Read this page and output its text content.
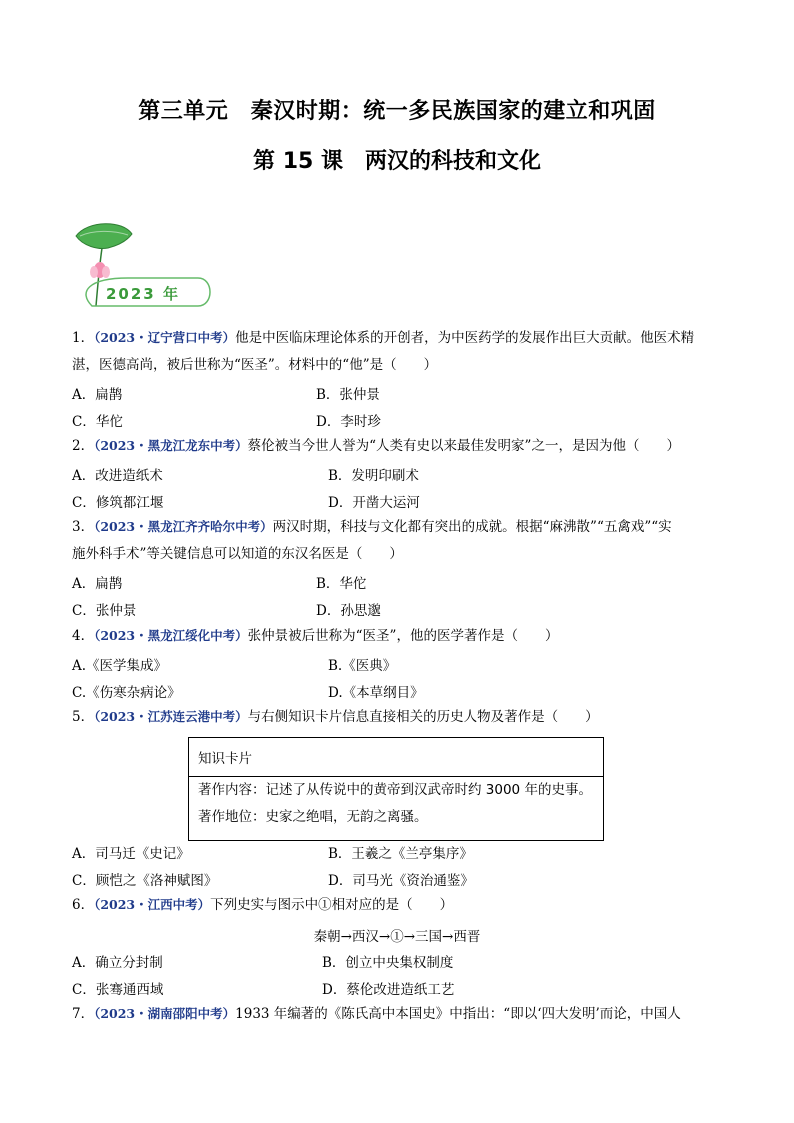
第三单元　秦汉时期：统一多民族国家的建立和巩固
第 15 课　两汉的科技和文化
2023 年
1．（2023・辽宁营口中考）他是中医临床理论体系的开创者，为中医药学的发展作出巨大贡献。他医术精
湛，医德高尚，被后世称为“医圣”。材料中的“他”是（　　）
A．扁鹊	B．张仲景
C．华佗	D．李时珍
2．（2023・黑龙江龙东中考）蔡伦被当今世人誉为“人类有史以来最佳发明家”之一，是因为他（　　）
A．改进造纸术	B．发明印刷术
C．修筑都江堰	D．开凿大运河
3．（2023・黑龙江齐齐哈尔中考）两汉时期，科技与文化都有突出的成就。根据“麻沸散”“五禽戏”“实
施外科手术”等关键信息可以知道的东汉名医是（　　）
A．扁鹊	B．华佗
C．张仲景	D．孙思邈
4．（2023・黑龙江绥化中考）张仲景被后世称为“医圣”，他的医学著作是（　　）
A.《医学集成》	B.《医典》
C.《伤寒杂病论》	D.《本草纲目》
5．（2023・江苏连云港中考）与右侧知识卡片信息直接相关的历史人物及著作是（　　）
知识卡片
著作内容：记述了从传说中的黄帝到汉武帝时约 3000 年的史事。
著作地位：史家之绝唱，无韵之离骚。
A．司马迁《史记》	B．王羲之《兰亭集序》
C．顾恺之《洛神赋图》	D．司马光《资治通鉴》
6．（2023・江西中考）下列史实与图示中①相对应的是（　　）
秦朝→西汉→①→三国→西晋
A．确立分封制	B．创立中央集权制度
C．张骞通西域	D．蔡伦改进造纸工艺
7．（2023・湖南邵阳中考）1933 年编著的《陈氏高中本国史》中指出：“即以‘四大发明’而论，中国人
